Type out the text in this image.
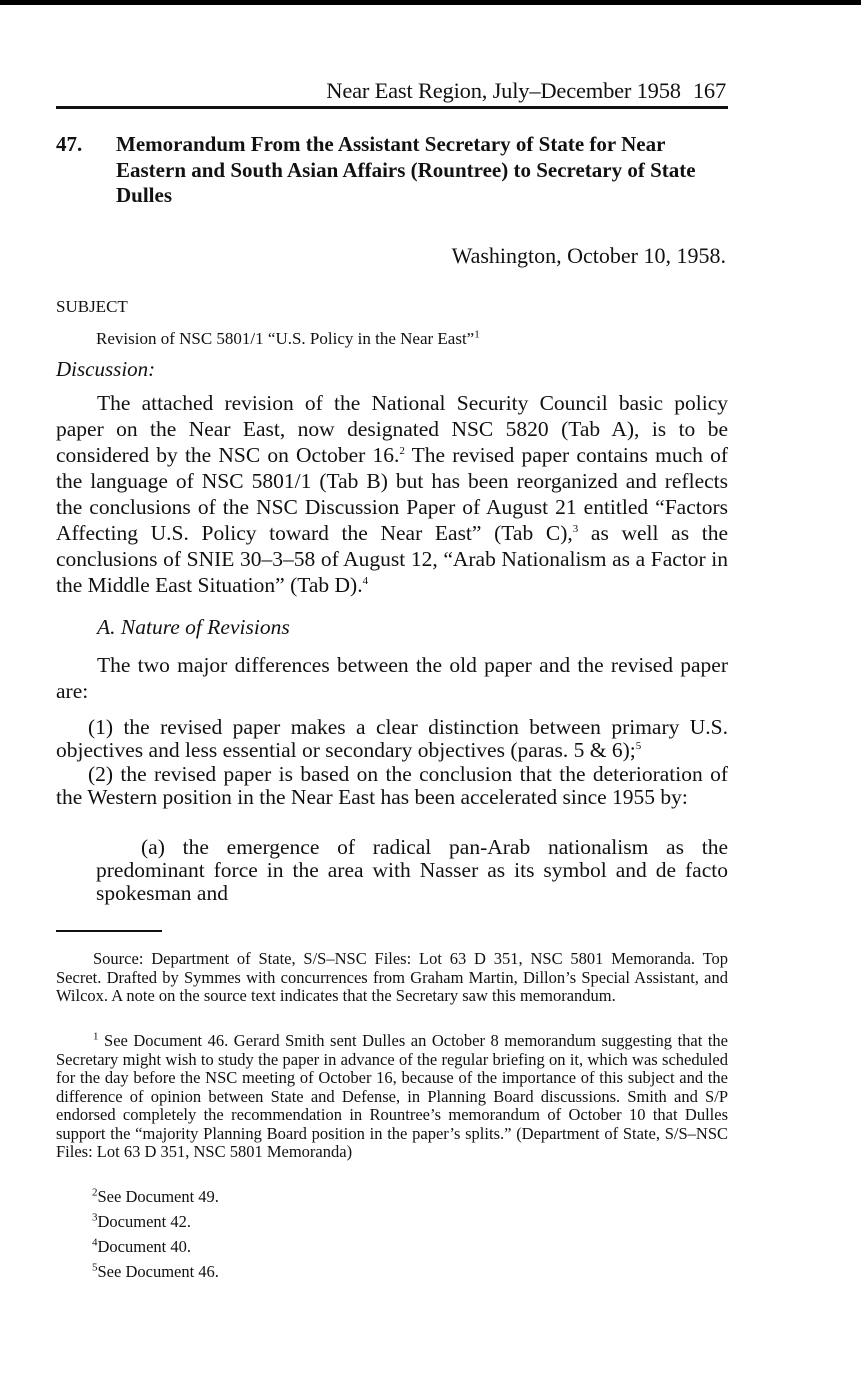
Near East Region, July–December 1958 167
47. Memorandum From the Assistant Secretary of State for Near Eastern and South Asian Affairs (Rountree) to Secretary of State Dulles
Washington, October 10, 1958.
SUBJECT
Revision of NSC 5801/1 “U.S. Policy in the Near East”$^1$
Discussion:

The attached revision of the National Security Council basic policy paper on the Near East, now designated NSC 5820 (Tab A), is to be considered by the NSC on October 16.$^2$ The revised paper contains much of the language of NSC 5801/1 (Tab B) but has been reorganized and reflects the conclusions of the NSC Discussion Paper of August 21 entitled “Factors Affecting U.S. Policy toward the Near East” (Tab C),$^3$ as well as the conclusions of SNIE 30–3–58 of August 12, “Arab Nationalism as a Factor in the Middle East Situation” (Tab D).$^4$

A. Nature of Revisions

The two major differences between the old paper and the revised paper are:

(1) the revised paper makes a clear distinction between primary U.S. objectives and less essential or secondary objectives (paras. 5 & 6);$^5$

(2) the revised paper is based on the conclusion that the deterioration of the Western position in the Near East has been accelerated since 1955 by:

(a) the emergence of radical pan-Arab nationalism as the predominant force in the area with Nasser as its symbol and de facto spokesman and

Source: Department of State, S/S–NSC Files: Lot 63 D 351, NSC 5801 Memoranda. Top Secret. Drafted by Symmes with concurrences from Graham Martin, Dillon’s Special Assistant, and Wilcox. A note on the source text indicates that the Secretary saw this memorandum.

$^1$ See Document 46. Gerard Smith sent Dulles an October 8 memorandum suggesting that the Secretary might wish to study the paper in advance of the regular briefing on it, which was scheduled for the day before the NSC meeting of October 16, because of the importance of this subject and the difference of opinion between State and Defense, in Planning Board discussions. Smith and S/P endorsed completely the recommendation in Rountree’s memorandum of October 10 that Dulles support the “majority Planning Board position in the paper’s splits.” (Department of State, S/S–NSC Files: Lot 63 D 351, NSC 5801 Memoranda)

$^2$See Document 49.

$^3$Document 42.

$^4$Document 40.

$^5$See Document 46.
